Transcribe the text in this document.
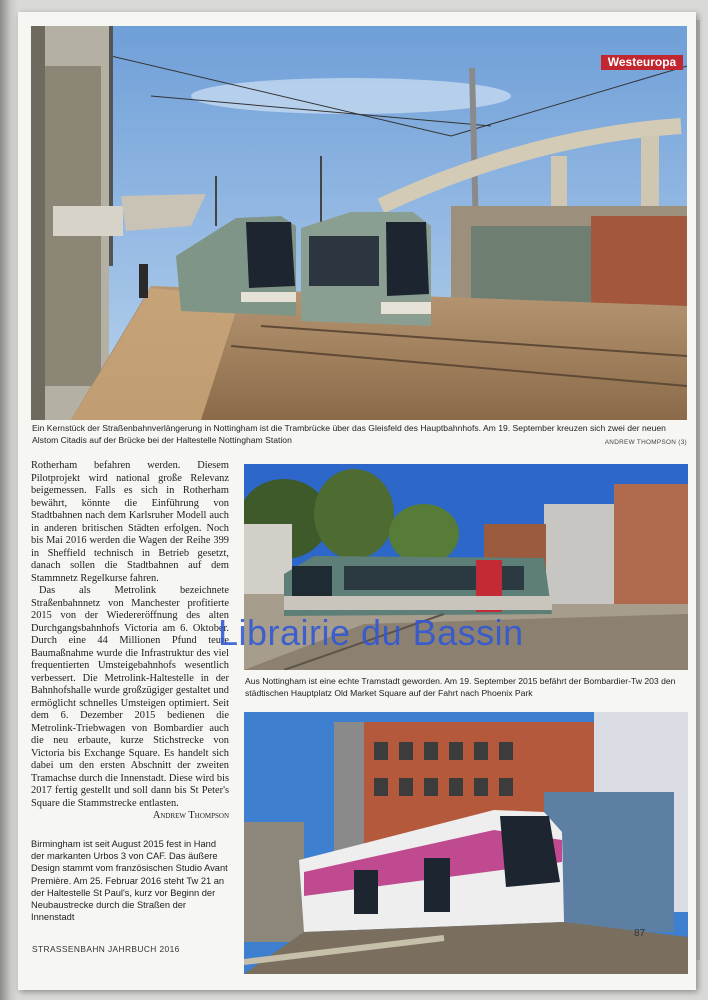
Westeuropa
Ein Kernstück der Straßenbahnverlängerung in Nottingham ist die Trambrücke über das Gleisfeld des Hauptbahnhofs. Am 19. September kreuzen sich zwei der neuen Alstom Citadis auf der Brücke bei der Haltestelle Nottingham Station	ANDREW THOMPSON (3)
Aus Nottingham ist eine echte Tramstadt geworden. Am 19. September 2015 befährt der Bombardier-Tw 203 den städtischen Hauptplatz Old Market Square auf der Fahrt nach Phoenix Park

Rotherham befahren werden. Diesem Pilotprojekt wird national große Relevanz beigemessen. Falls es sich in Rotherham bewährt, könnte die Einführung von Stadtbahnen nach dem Karlsruher Modell auch in anderen britischen Städten erfolgen. Noch bis Mai 2016 werden die Wagen der Reihe 399 in Sheffield technisch in Betrieb gesetzt, danach sollen die Stadtbahnen auf dem Stammnetz Regelkurse fahren.

Das als Metrolink bezeichnete Straßenbahnnetz von Manchester profitierte 2015 von der Wiedereröffnung des alten Durchgangsbahnhofs Victoria am 6. Oktober. Durch eine 44 Millionen Pfund teure Baumaßnahme wurde die Infrastruktur des viel frequentierten Umsteigebahnhofs wesentlich verbessert. Die Metrolink-Haltestelle in der Bahnhofshalle wurde großzügiger gestaltet und ermöglicht schnelles Umsteigen optimiert. Seit dem 6. Dezember 2015 bedienen die Metrolink-Triebwagen von Bombardier auch die neu erbaute, kurze Stichstrecke von Victoria bis Exchange Square. Es handelt sich dabei um den ersten Abschnitt der zweiten Tramachse durch die Innenstadt. Diese wird bis 2017 fertig gestellt und soll dann bis St Peter's Square die Stammstrecke entlasten.

Andrew Thompson

Birmingham ist seit August 2015 fest in Hand der markanten Urbos 3 von CAF. Das äußere Design stammt vom französischen Studio Avant Première. Am 25. Februar 2016 steht Tw 21 an der Haltestelle St Paul's, kurz vor Beginn der Neubaustrecke durch die Straßen der Innenstadt
STRASSENBAHN JAHRBUCH 2016
87
Librairie du Bassin
